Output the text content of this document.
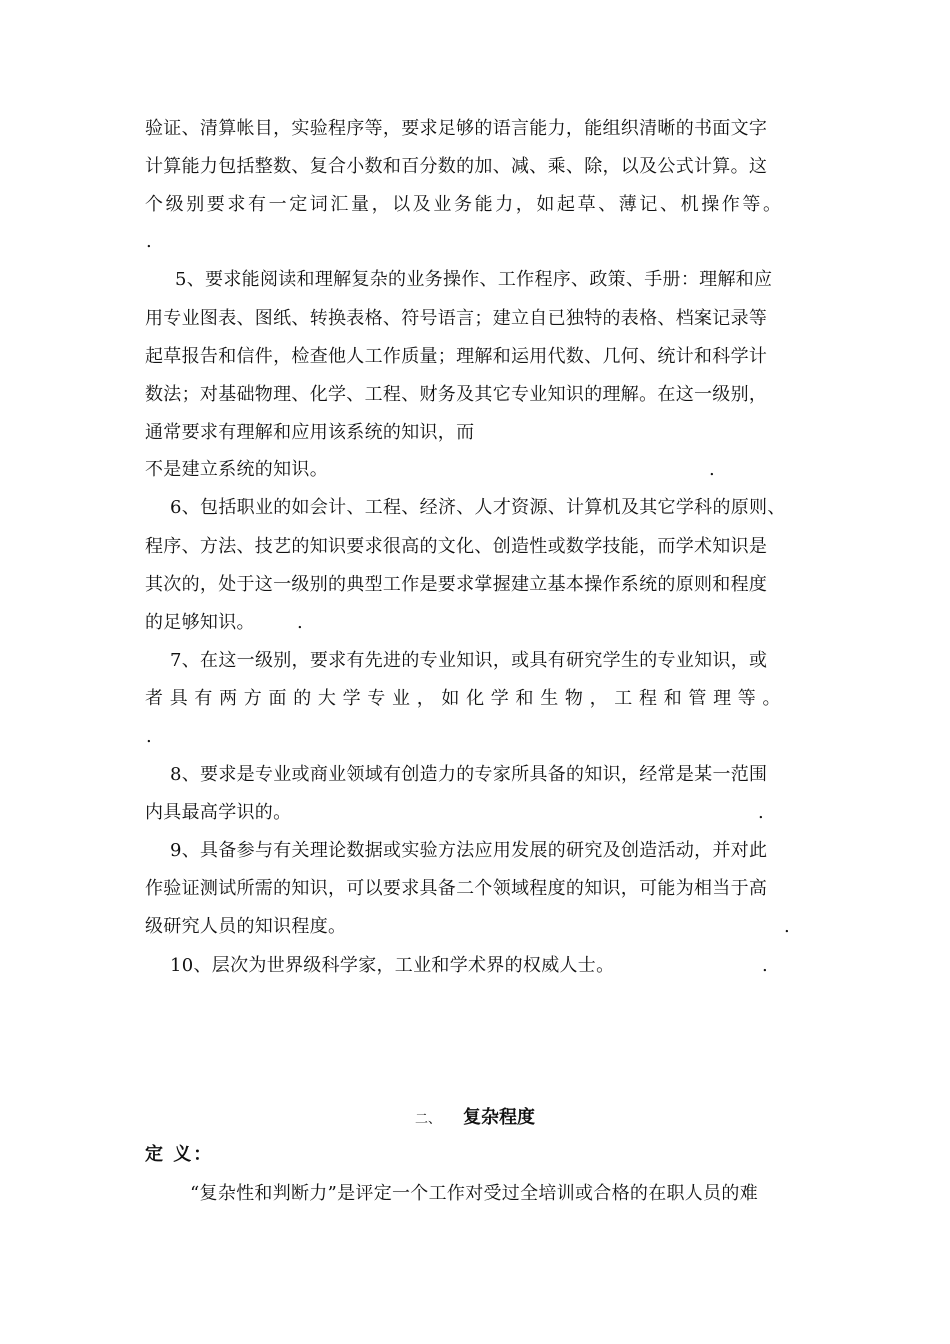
验证、清算帐目，实验程序等，要求足够的语言能力，能组织清晰的书面文字
计算能力包括整数、复合小数和百分数的加、减、乘、除，以及公式计算。这
个级别要求有一定词汇量，以及业务能力，如起草、薄记、机操作等。
.
5、要求能阅读和理解复杂的业务操作、工作程序、政策、手册：理解和应
用专业图表、图纸、转换表格、符号语言；建立自已独特的表格、档案记录等
起草报告和信件，检查他人工作质量；理解和运用代数、几何、统计和科学计
数法；对基础物理、化学、工程、财务及其它专业知识的理解。在这一级别，
通常要求有理解和应用该系统的知识，而
不是建立系统的知识。	.
6、包括职业的如会计、工程、经济、人才资源、计算机及其它学科的原则、
程序、方法、技艺的知识要求很高的文化、创造性或数学技能，而学术知识是
其次的，处于这一级别的典型工作是要求掌握建立基本操作系统的原则和程度
的足够知识。 .
7、在这一级别，要求有先进的专业知识，或具有研究学生的专业知识，或
者具有两方面的大学专业，如化学和生物，工程和管理等。
.
8、要求是专业或商业领域有创造力的专家所具备的知识，经常是某一范围
内具最高学识的。	.
9、具备参与有关理论数据或实验方法应用发展的研究及创造活动，并对此
作验证测试所需的知识，可以要求具备二个领域程度的知识，可能为相当于高
级研究人员的知识程度。	.
10、层次为世界级科学家，工业和学术界的权威人士。	.
二、 复杂程度
定 义：
“复杂性和判断力”是评定一个工作对受过全培训或合格的在职人员的难
